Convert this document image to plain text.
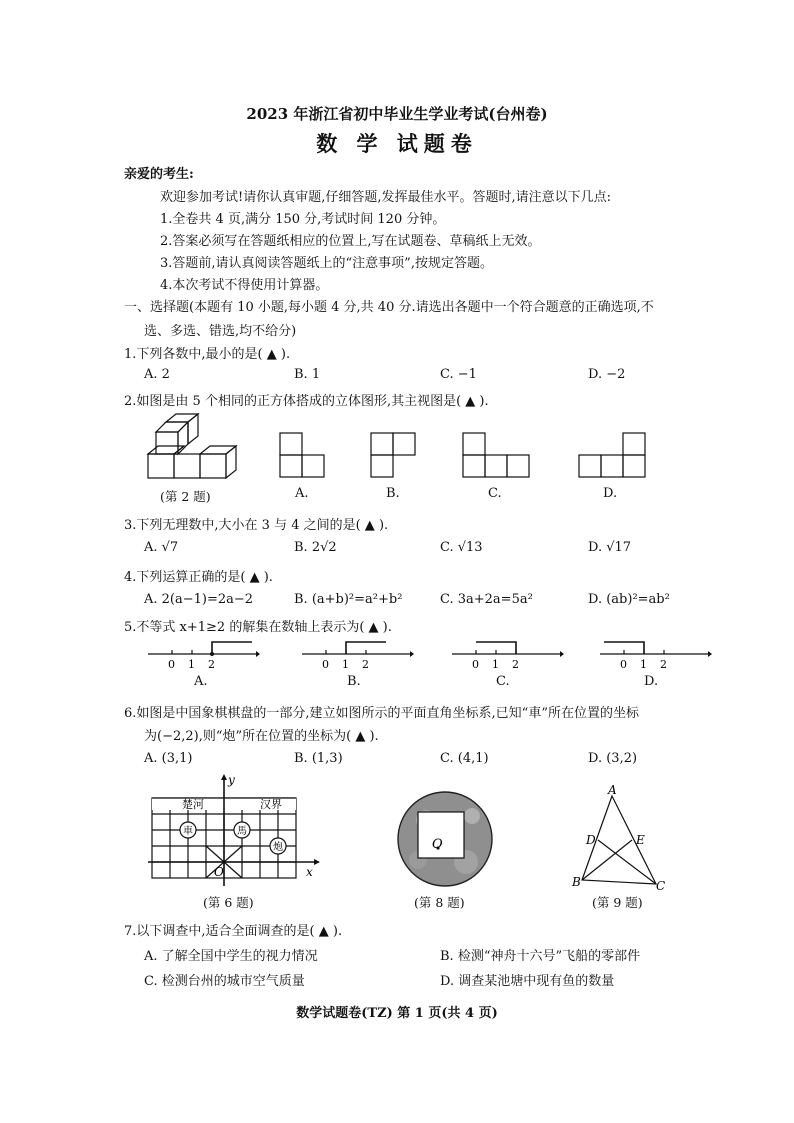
2023 年浙江省初中毕业生学业考试(台州卷)
数 学 试题卷
亲爱的考生:
欢迎参加考试!请你认真审题,仔细答题,发挥最佳水平。答题时,请注意以下几点:
1.全卷共 4 页,满分 150 分,考试时间 120 分钟。
2.答案必须写在答题纸相应的位置上,写在试题卷、草稿纸上无效。
3.答题前,请认真阅读答题纸上的“注意事项”,按规定答题。
4.本次考试不得使用计算器。
一、选择题(本题有 10 小题,每小题 4 分,共 40 分.请选出各题中一个符合题意的正确选项,不
选、多选、错选,均不给分)
1.下列各数中,最小的是( ▲ ).
A. 2	B. 1	C. −1	D. −2
2.如图是由 5 个相同的正方体搭成的立体图形,其主视图是( ▲ ).
(第 2 题)	A.	B.	C.	D.
3.下列无理数中,大小在 3 与 4 之间的是( ▲ ).
A. √7	B. 2√2	C. √13	D. √17
4.下列运算正确的是( ▲ ).
A. 2(a−1)=2a−2	B. (a+b)²=a²+b²	C. 3a+2a=5a²	D. (ab)²=ab²
5.不等式 x+1≥2 的解集在数轴上表示为( ▲ ).
0 1 2
A.
0 1 2
B.
0 1 2
C.
0 1 2
D.
6.如图是中国象棋棋盘的一部分,建立如图所示的平面直角坐标系,已知“車”所在位置的坐标
为(−2,2),则“炮”所在位置的坐标为( ▲ ).
A. (3,1)	B. (1,3)	C. (4,1)	D. (3,2)
y
x
O
楚河	汉界
車	馬
炮
(第 6 题)
O
(第 8 题)
A
D	E
B	C
(第 9 题)
7.以下调查中,适合全面调查的是( ▲ ).
A. 了解全国中学生的视力情况	B. 检测“神舟十六号”飞船的零部件
C. 检测台州的城市空气质量	D. 调查某池塘中现有鱼的数量
数学试题卷(TZ) 第 1 页(共 4 页)
